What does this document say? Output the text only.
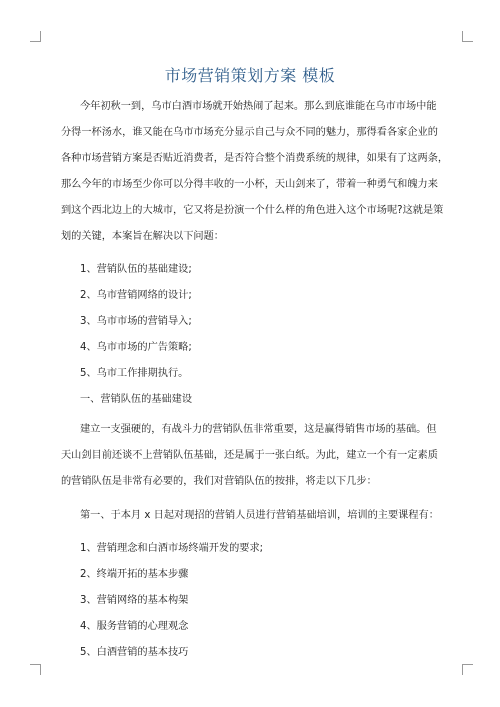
市场营销策划方案 模板
今年初秋一到，乌市白酒市场就开始热闹了起来。那么到底谁能在乌市市场中能
分得一杯汤水，谁又能在乌市市场充分显示自己与众不同的魅力，那得看各家企业的
各种市场营销方案是否贴近消费者，是否符合整个消费系统的规律，如果有了这两条，
那么今年的市场至少你可以分得丰收的一小杯，天山剑来了，带着一种勇气和魄力来
到这个西北边上的大城市，它又将是扮演一个什么样的角色进入这个市场呢?这就是策
划的关键，本案旨在解决以下问题：
1、营销队伍的基础建设;
2、乌市营销网络的设计;
3、乌市市场的营销导入;
4、乌市市场的广告策略;
5、乌市工作排期执行。
一、营销队伍的基础建设
建立一支强硬的，有战斗力的营销队伍非常重要，这是赢得销售市场的基础。但
天山剑目前还谈不上营销队伍基础，还是属于一张白纸。为此，建立一个有一定素质
的营销队伍是非常有必要的，我们对营销队伍的按排，将走以下几步：
第一、于本月 x 日起对现招的营销人员进行营销基础培训，培训的主要课程有：
1、营销理念和白酒市场终端开发的要求;
2、终端开拓的基本步骤
3、营销网络的基本构架
4、服务营销的心理观念
5、白酒营销的基本技巧
